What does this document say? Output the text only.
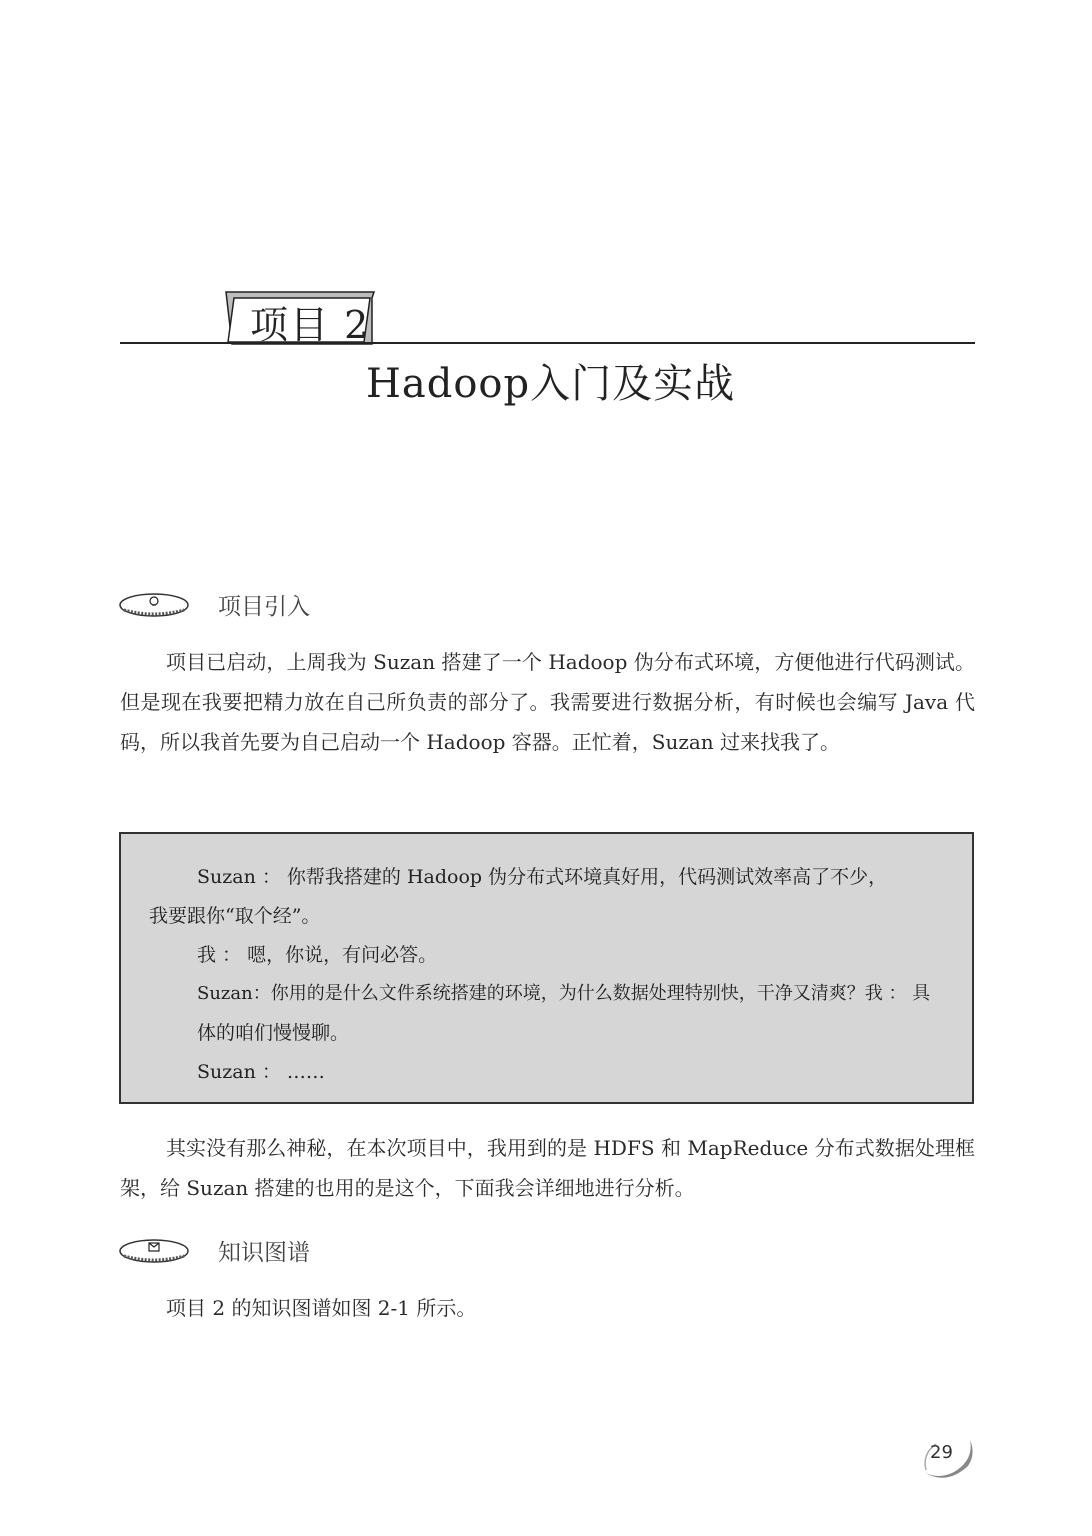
项目 2
Hadoop入门及实战
项目引入
项目已启动，上周我为 Suzan 搭建了一个 Hadoop 伪分布式环境，方便他进行代码测试。但是现在我要把精力放在自己所负责的部分了。我需要进行数据分析，有时候也会编写 Java 代码，所以我首先要为自己启动一个 Hadoop 容器。正忙着，Suzan 过来找我了。
Suzan ： 你帮我搭建的 Hadoop 伪分布式环境真好用，代码测试效率高了不少，
我要跟你“取个经”。
我 ： 嗯，你说，有问必答。
Suzan：你用的是什么文件系统搭建的环境，为什么数据处理特别快，干净又清爽？我 ： 具
体的咱们慢慢聊。
Suzan ： ……
其实没有那么神秘，在本次项目中，我用到的是 HDFS 和 MapReduce 分布式数据处理框架，给 Suzan 搭建的也用的是这个，下面我会详细地进行分析。
知识图谱
项目 2 的知识图谱如图 2-1 所示。
29
